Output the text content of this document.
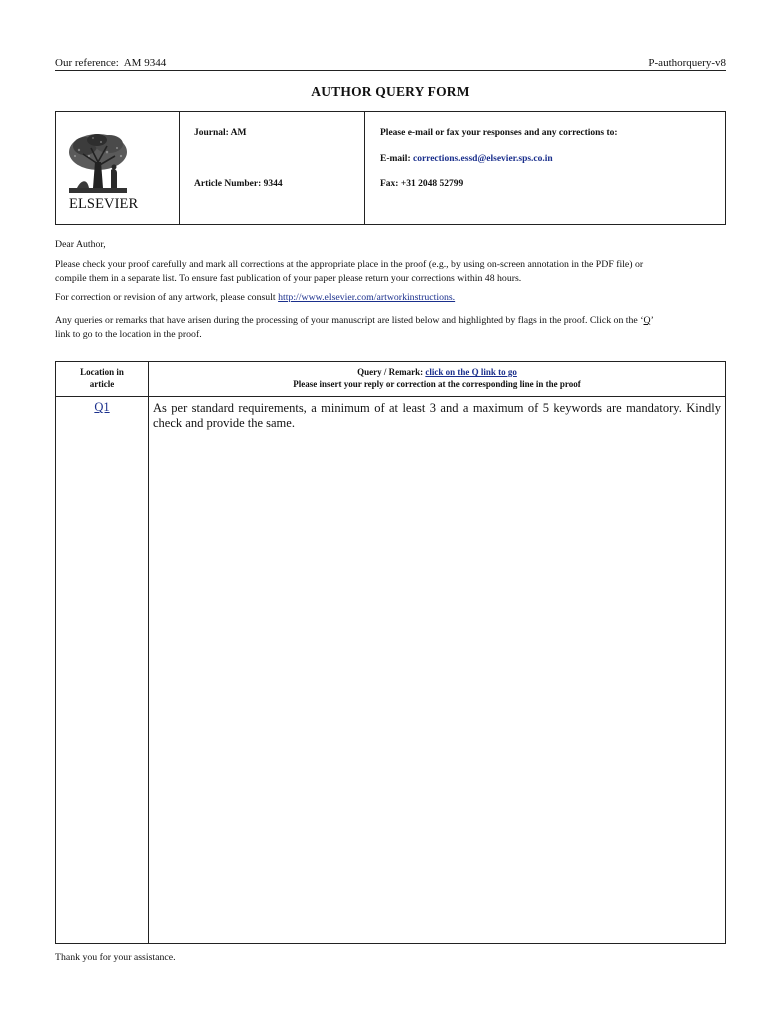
Our reference: AM 9344	P-authorquery-v8
AUTHOR QUERY FORM
ELSEVIER
Journal: AM
Article Number: 9344
Please e-mail or fax your responses and any corrections to:
E-mail: corrections.essd@elsevier.sps.co.in
Fax: +31 2048 52799
Dear Author,
Please check your proof carefully and mark all corrections at the appropriate place in the proof (e.g., by using on-screen annotation in the PDF file) or
compile them in a separate list. To ensure fast publication of your paper please return your corrections within 48 hours.
For correction or revision of any artwork, please consult http://www.elsevier.com/artworkinstructions.
Any queries or remarks that have arisen during the processing of your manuscript are listed below and highlighted by flags in the proof. Click on the ‘Q’
link to go to the location in the proof.
Location in
article
Query / Remark: click on the Q link to go
Please insert your reply or correction at the corresponding line in the proof
Q1	As per standard requirements, a minimum of at least 3 and a maximum of 5 keywords are mandatory. Kindly check and provide the same.
Thank you for your assistance.
